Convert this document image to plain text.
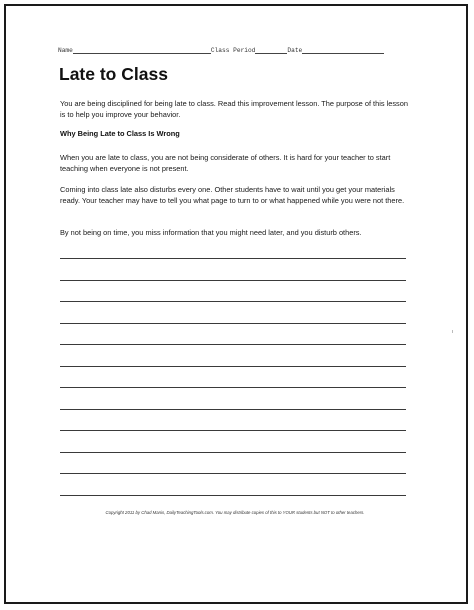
Name	Class Period	Date
Late to Class

You are being disciplined for being late to class. Read this improvement lesson. The purpose of this lesson is to help you improve your behavior.

Why Being Late to Class Is Wrong

When you are late to class, you are not being considerate of others. It is hard for your teacher to start teaching when everyone is not present.

Coming into class late also disturbs every one. Other students have to wait until you get your materials ready. Your teacher may have to tell you what page to turn to or what happened while you were not there.

By not being on time, you miss information that you might need later, and you disturb others.

Copyright 2011 by Chad Manis, DailyTeachingTools.com. You may distribute copies of this to YOUR students but NOT to other teachers.
